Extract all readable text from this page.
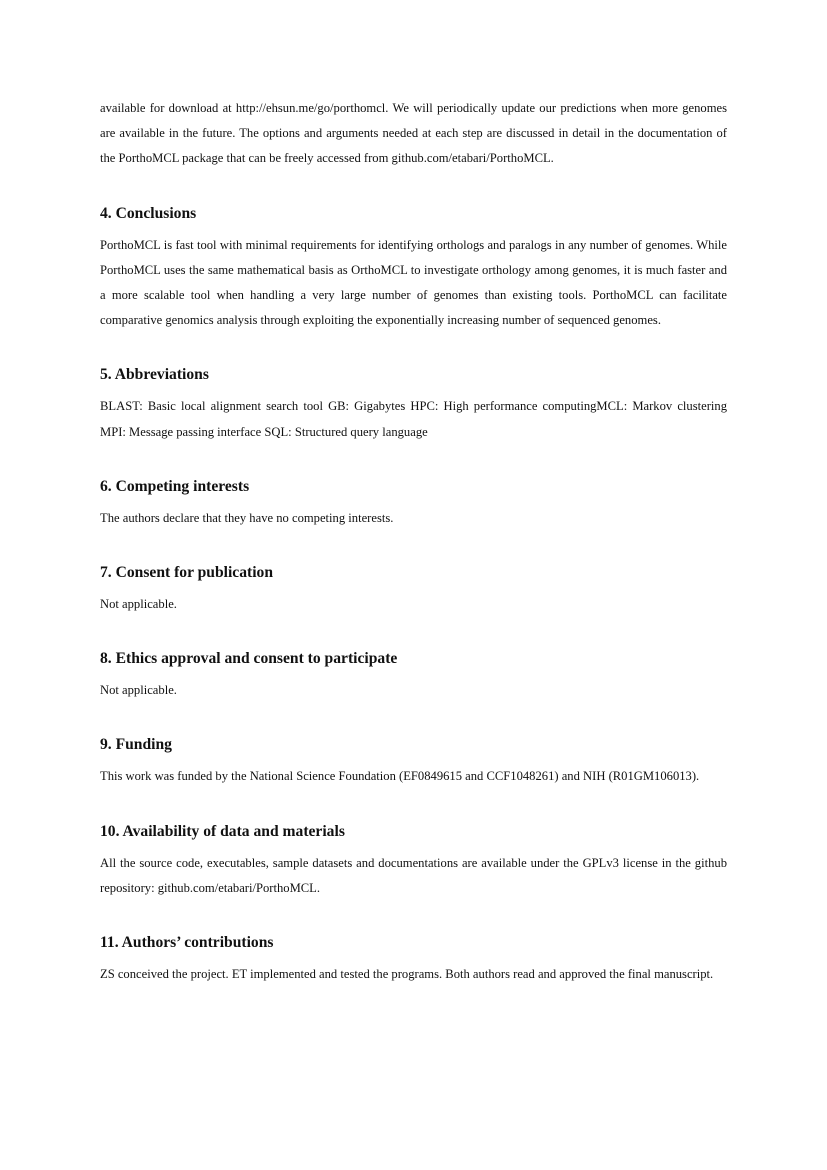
available for download at http://ehsun.me/go/porthomcl. We will periodically update our predictions when more genomes are available in the future. The options and arguments needed at each step are discussed in detail in the documentation of the PorthoMCL package that can be freely accessed from github.com/etabari/PorthoMCL.

4. Conclusions

PorthoMCL is fast tool with minimal requirements for identifying orthologs and paralogs in any number of genomes. While PorthoMCL uses the same mathematical basis as OrthoMCL to investigate orthology among genomes, it is much faster and a more scalable tool when handling a very large number of genomes than existing tools. PorthoMCL can facilitate comparative genomics analysis through exploiting the exponentially increasing number of sequenced genomes.

5. Abbreviations

BLAST: Basic local alignment search tool GB: Gigabytes HPC: High performance computingMCL: Markov clustering MPI: Message passing interface SQL: Structured query language

6. Competing interests

The authors declare that they have no competing interests.

7. Consent for publication

Not applicable.

8. Ethics approval and consent to participate

Not applicable.

9. Funding

This work was funded by the National Science Foundation (EF0849615 and CCF1048261) and NIH (R01GM106013).

10. Availability of data and materials

All the source code, executables, sample datasets and documentations are available under the GPLv3 license in the github repository: github.com/etabari/PorthoMCL.

11. Authors’ contributions

ZS conceived the project. ET implemented and tested the programs. Both authors read and approved the final manuscript.
